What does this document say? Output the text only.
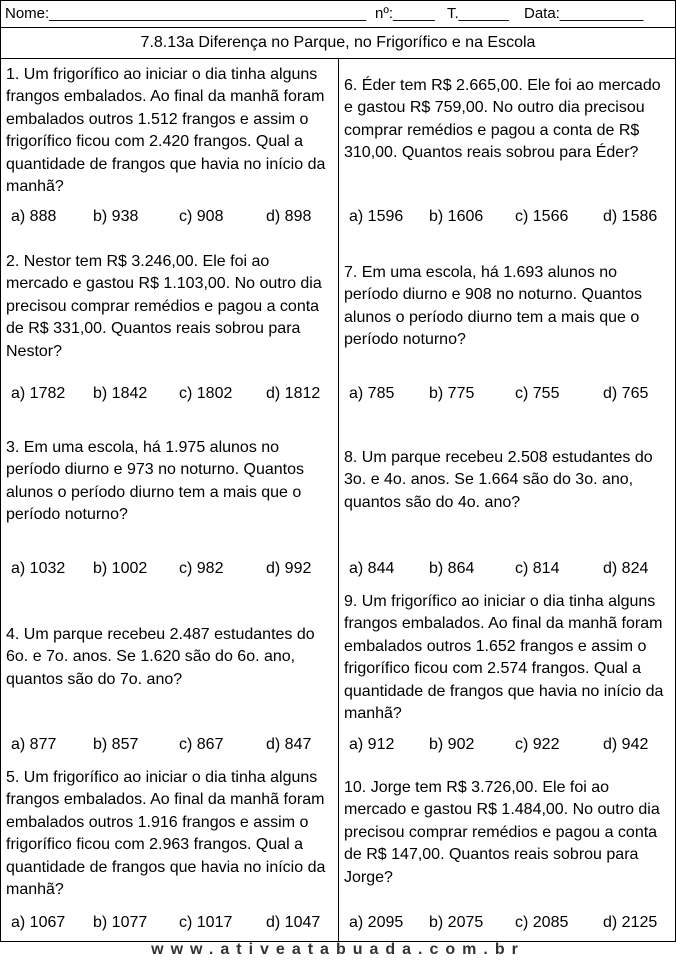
Nome:______________________________________ nº:_____ T.______ Data:__________
7.8.13a Diferença no Parque, no Frigorífico e na Escola
1. Um frigorífico ao iniciar o dia tinha alguns frangos embalados. Ao final da manhã foram embalados outros 1.512 frangos e assim o frigorífico ficou com 2.420 frangos. Qual a quantidade de frangos que havia no início da manhã?
a) 888 b) 938	c) 908	d) 898
2. Nestor tem R$ 3.246,00. Ele foi ao mercado e gastou R$ 1.103,00. No outro dia precisou comprar remédios e pagou a conta de R$ 331,00. Quantos reais sobrou para Nestor?
a) 1782 b) 1842 c) 1802 d) 1812
3. Em uma escola, há 1.975 alunos no período diurno e 973 no noturno. Quantos alunos o período diurno tem a mais que o período noturno?
a) 1032 b) 1002 c) 982	d) 992
4. Um parque recebeu 2.487 estudantes do 6o. e 7o. anos. Se 1.620 são do 6o. ano, quantos são do 7o. ano?
a) 877 b) 857	c) 867	d) 847
5. Um frigorífico ao iniciar o dia tinha alguns frangos embalados. Ao final da manhã foram embalados outros 1.916 frangos e assim o frigorífico ficou com 2.963 frangos. Qual a quantidade de frangos que havia no início da manhã?
a) 1067 b) 1077 c) 1017 d) 1047
6. Éder tem R$ 2.665,00. Ele foi ao mercado e gastou R$ 759,00. No outro dia precisou comprar remédios e pagou a conta de R$ 310,00. Quantos reais sobrou para Éder?
a) 1596 b) 1606 c) 1566 d) 1586
7. Em uma escola, há 1.693 alunos no período diurno e 908 no noturno. Quantos alunos o período diurno tem a mais que o período noturno?
a) 785 b) 775	c) 755	d) 765
8. Um parque recebeu 2.508 estudantes do 3o. e 4o. anos. Se 1.664 são do 3o. ano, quantos são do 4o. ano?
a) 844 b) 864	c) 814	d) 824
9. Um frigorífico ao iniciar o dia tinha alguns frangos embalados. Ao final da manhã foram embalados outros 1.652 frangos e assim o frigorífico ficou com 2.574 frangos. Qual a quantidade de frangos que havia no início da manhã?
a) 912 b) 902	c) 922	d) 942
10. Jorge tem R$ 3.726,00. Ele foi ao mercado e gastou R$ 1.484,00. No outro dia precisou comprar remédios e pagou a conta de R$ 147,00. Quantos reais sobrou para Jorge?
a) 2095 b) 2075 c) 2085 d) 2125
www.ativeatabuada.com.br
